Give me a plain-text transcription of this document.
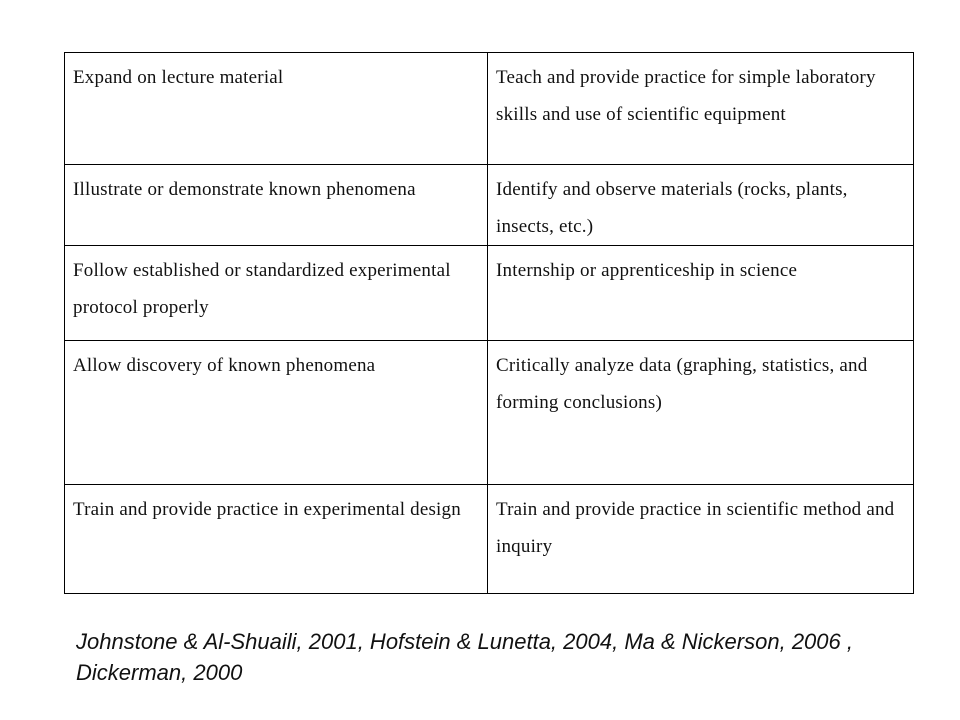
Expand on lecture material	Teach and provide practice for simple laboratory skills and use of scientific equipment
Illustrate or demonstrate known phenomena	Identify and observe materials (rocks, plants, insects, etc.)
Follow established or standardized experimental protocol properly	Internship or apprenticeship in science
Allow discovery of known phenomena	Critically analyze data (graphing, statistics, and forming conclusions)
Train and provide practice in experimental design	Train and provide practice in scientific method and inquiry
Johnstone & Al-Shuaili, 2001, Hofstein & Lunetta, 2004, Ma & Nickerson, 2006 , Dickerman, 2000
